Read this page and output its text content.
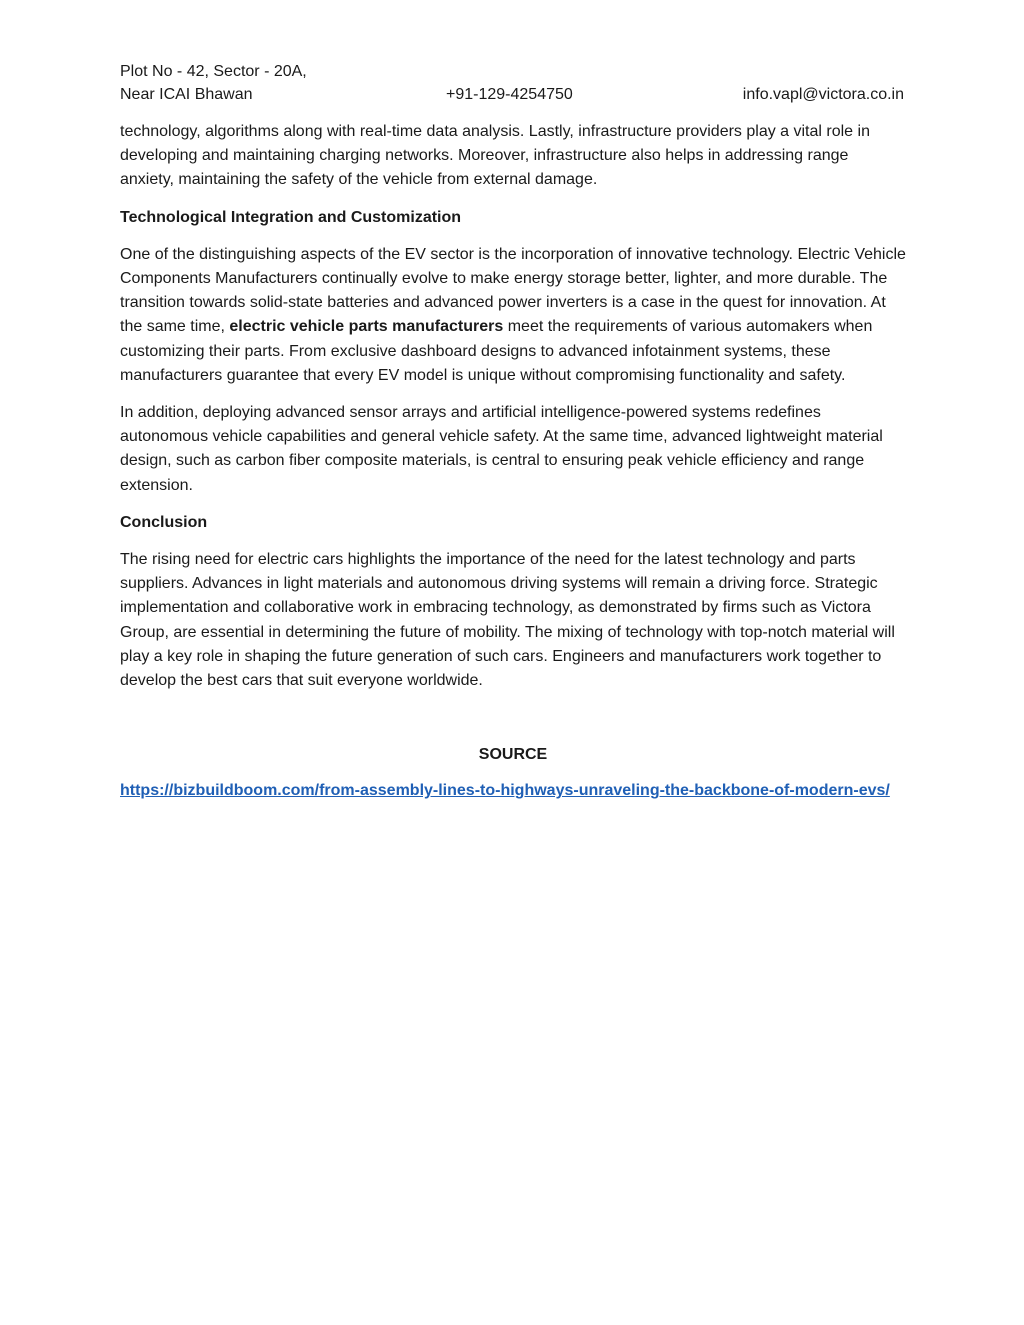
Plot No - 42, Sector - 20A,
Near ICAI Bhawan	+91-129-4254750	info.vapl@victora.co.in

technology, algorithms along with real-time data analysis. Lastly, infrastructure providers play a vital role in developing and maintaining charging networks. Moreover, infrastructure also helps in addressing range anxiety, maintaining the safety of the vehicle from external damage.

Technological Integration and Customization

One of the distinguishing aspects of the EV sector is the incorporation of innovative technology. Electric Vehicle Components Manufacturers continually evolve to make energy storage better, lighter, and more durable. The transition towards solid-state batteries and advanced power inverters is a case in the quest for innovation. At the same time, electric vehicle parts manufacturers meet the requirements of various automakers when customizing their parts. From exclusive dashboard designs to advanced infotainment systems, these manufacturers guarantee that every EV model is unique without compromising functionality and safety.

In addition, deploying advanced sensor arrays and artificial intelligence-powered systems redefines autonomous vehicle capabilities and general vehicle safety. At the same time, advanced lightweight material design, such as carbon fiber composite materials, is central to ensuring peak vehicle efficiency and range extension.

Conclusion

The rising need for electric cars highlights the importance of the need for the latest technology and parts suppliers. Advances in light materials and autonomous driving systems will remain a driving force. Strategic implementation and collaborative work in embracing technology, as demonstrated by firms such as Victora Group, are essential in determining the future of mobility. The mixing of technology with top-notch material will play a key role in shaping the future generation of such cars. Engineers and manufacturers work together to develop the best cars that suit everyone worldwide.

SOURCE

https://bizbuildboom.com/from-assembly-lines-to-highways-unraveling-the-backbone-of-modern-evs/
